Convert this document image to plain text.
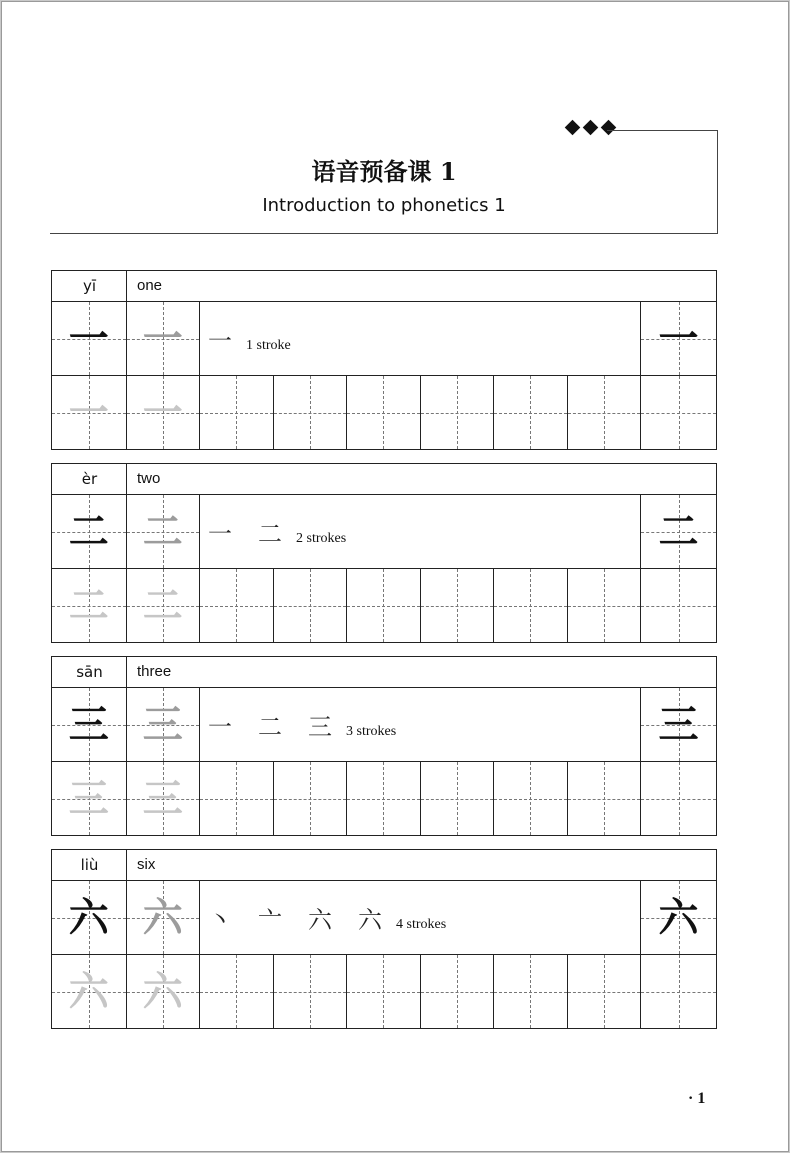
语音预备课 1
Introduction to phonetics 1
yī	one
一 一	一 1 stroke	一
一 一
èr	two
二 二	一 二 2 strokes	二
二 二
sān	three
三 三	一 二 三 3 strokes	三
三 三
liù	six
六 六	丶 亠 六 六 4 strokes	六
六 六
· 1
